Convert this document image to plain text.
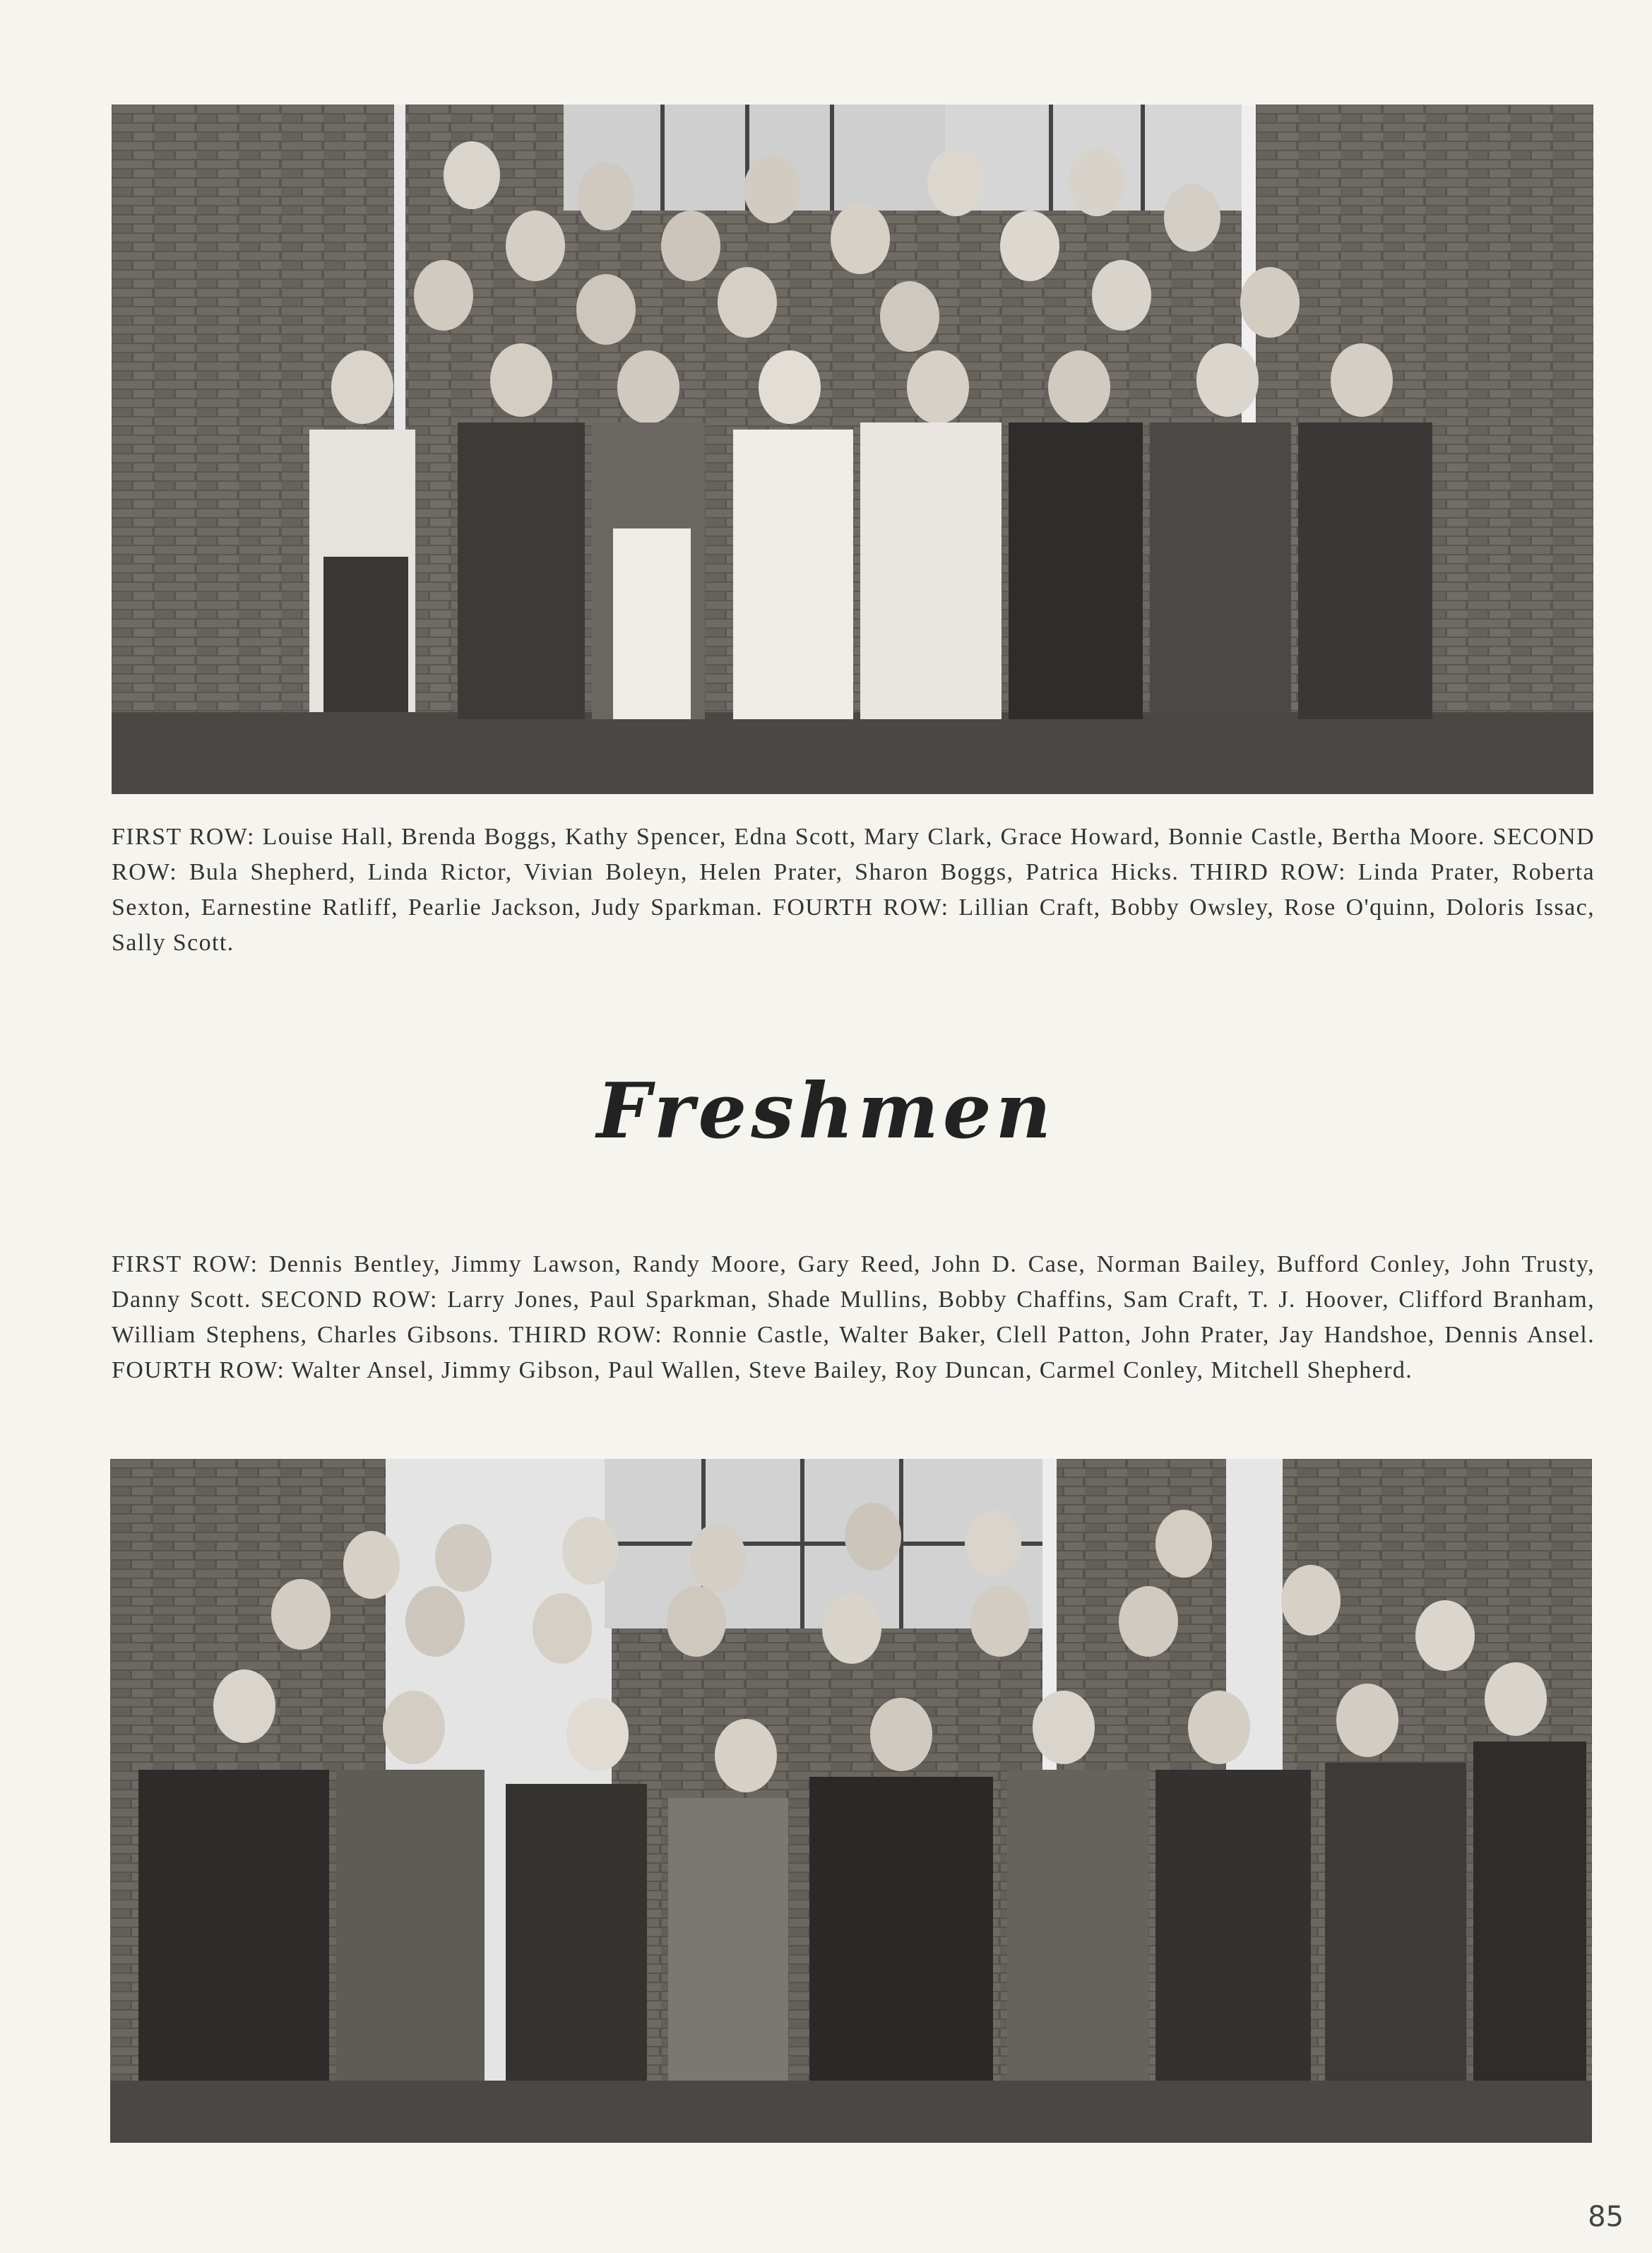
FIRST ROW: Louise Hall, Brenda Boggs, Kathy Spencer, Edna Scott, Mary Clark, Grace Howard, Bonnie Castle, Bertha Moore. SECOND ROW: Bula Shepherd, Linda Rictor, Vivian Boleyn, Helen Prater, Sharon Boggs, Patrica Hicks. THIRD ROW: Linda Prater, Roberta Sexton, Earnestine Ratliff, Pearlie Jackson, Judy Sparkman. FOURTH ROW: Lillian Craft, Bobby Owsley, Rose O'quinn, Doloris Issac, Sally Scott.
Freshmen
FIRST ROW: Dennis Bentley, Jimmy Lawson, Randy Moore, Gary Reed, John D. Case, Norman Bailey, Bufford Conley, John Trusty, Danny Scott. SECOND ROW: Larry Jones, Paul Sparkman, Shade Mullins, Bobby Chaffins, Sam Craft, T. J. Hoover, Clifford Branham, William Stephens, Charles Gibsons. THIRD ROW: Ronnie Castle, Walter Baker, Clell Patton, John Prater, Jay Handshoe, Dennis Ansel. FOURTH ROW: Walter Ansel, Jimmy Gibson, Paul Wallen, Steve Bailey, Roy Duncan, Carmel Conley, Mitchell Shepherd.
85
